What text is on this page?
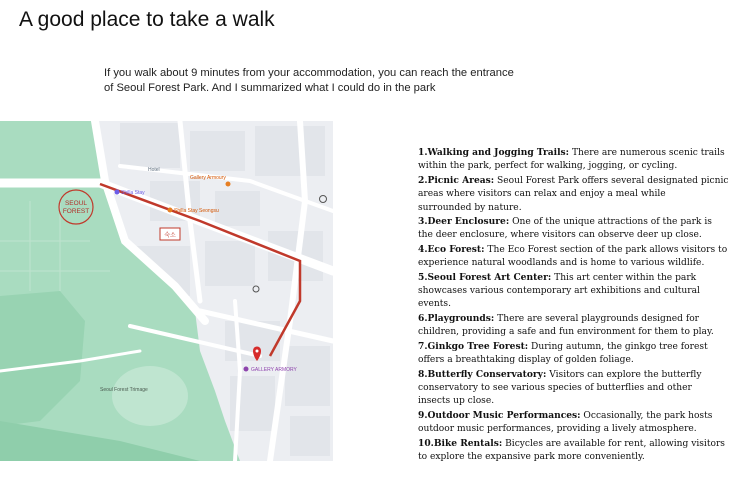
A good place to take a walk

If you walk about 9 minutes from your accommodation, you can reach the entrance

of Seoul Forest Park. And I summarized what I could do in the park

SEOUL
FOREST
숙소
Shilla Stay
Shilla Stay Seongsu
Hotel
Gallery Armoury
GALLERY ARMORY
Seoul Forest Trimage
1.Walking and Jogging Trails: There are numerous scenic trails
within the park, perfect for walking, jogging, or cycling.
2.Picnic Areas: Seoul Forest Park offers several designated picnic
areas where visitors can relax and enjoy a meal while
surrounded by nature.
3.Deer Enclosure: One of the unique attractions of the park is
the deer enclosure, where visitors can observe deer up close.
4.Eco Forest: The Eco Forest section of the park allows visitors to
experience natural woodlands and is home to various wildlife.
5.Seoul Forest Art Center: This art center within the park
showcases various contemporary art exhibitions and cultural
events.
6.Playgrounds: There are several playgrounds designed for
children, providing a safe and fun environment for them to play.
7.Ginkgo Tree Forest: During autumn, the ginkgo tree forest
offers a breathtaking display of golden foliage.
8.Butterfly Conservatory: Visitors can explore the butterfly
conservatory to see various species of butterflies and other
insects up close.
9.Outdoor Music Performances: Occasionally, the park hosts
outdoor music performances, providing a lively atmosphere.
10.Bike Rentals: Bicycles are available for rent, allowing visitors
to explore the expansive park more conveniently.
